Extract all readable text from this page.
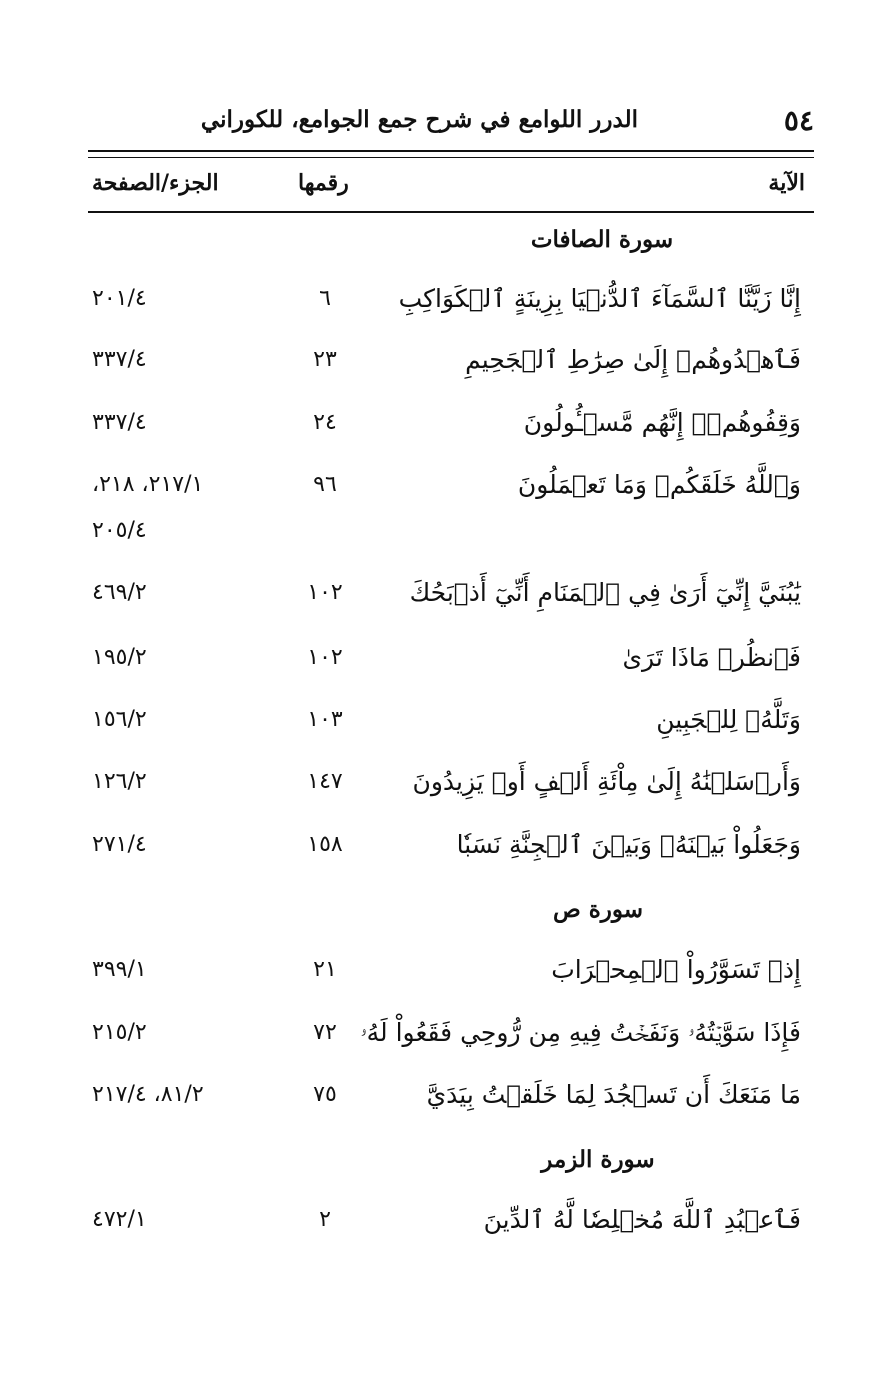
٥٤
الدرر اللوامع في شرح جمع الجوامع، للكوراني
الآية
رقمها
الجزء/الصفحة
سورة الصافات
إِنَّا زَيَّنَّا ٱلسَّمَآءَ ٱلدُّنۡيَا بِزِينَةٍ ٱلۡكَوَاكِبِ
٦
٢٠١/٤
فَٱهۡدُوهُمۡ إِلَىٰ صِرَٰطِ ٱلۡجَحِيمِ
٢٣
٣٣٧/٤
وَقِفُوهُمۡۖ إِنَّهُم مَّسۡـُٔولُونَ
٢٤
٣٣٧/٤
وَٱللَّهُ خَلَقَكُمۡ وَمَا تَعۡمَلُونَ
٩٦
٢١٧/١، ٢١٨،
٢٠٥/٤
يَٰبُنَيَّ إِنِّيٓ أَرَىٰ فِي ٱلۡمَنَامِ أَنِّيٓ أَذۡبَحُكَ
١٠٢
٤٦٩/٢
فَٱنظُرۡ مَاذَا تَرَىٰ
١٠٢
١٩٥/٢
وَتَلَّهُۥ لِلۡجَبِينِ
١٠٣
١٥٦/٢
وَأَرۡسَلۡنَٰهُ إِلَىٰ مِاْئَةِ أَلۡفٍ أَوۡ يَزِيدُونَ
١٤٧
١٢٦/٢
وَجَعَلُواْ بَيۡنَهُۥ وَبَيۡنَ ٱلۡجِنَّةِ نَسَبٗا
١٥٨
٢٧١/٤
سورة ص
إِذۡ تَسَوَّرُواْ ٱلۡمِحۡرَابَ
٢١
٣٩٩/١
فَإِذَا سَوَّيۡتُهُۥ وَنَفَخۡتُ فِيهِ مِن رُّوحِي فَقَعُواْ لَهُۥ
٧٢
٢١٥/٢
مَا مَنَعَكَ أَن تَسۡجُدَ لِمَا خَلَقۡتُ بِيَدَيَّ
٧٥
٨١/٢، ٢١٧/٤
سورة الزمر
فَٱعۡبُدِ ٱللَّهَ مُخۡلِصٗا لَّهُ ٱلدِّينَ
٢
٤٧٢/١
